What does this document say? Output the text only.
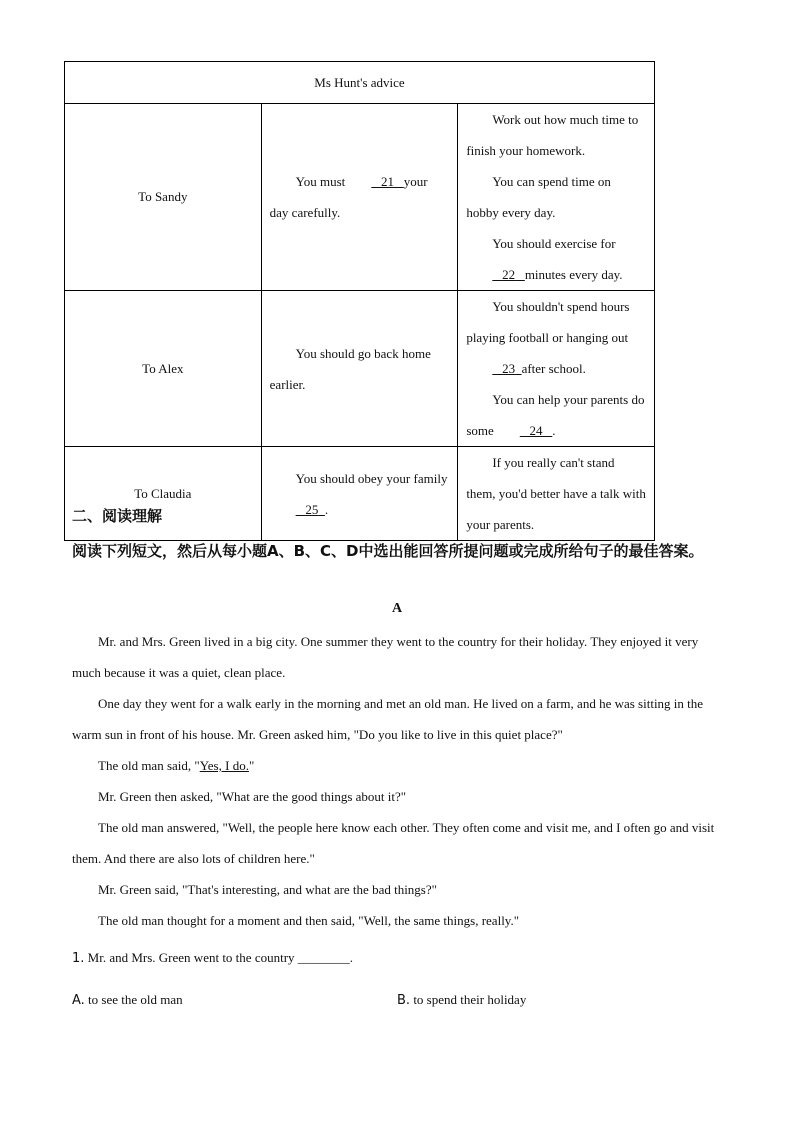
Ms Hunt's advice		
To Sandy	You must 21 your day carefully.	Work out how much time to finish your homework.
You can spend time on hobby every day.
You should exercise for   22 minutes every day.

To Alex	You should go back home earlier.	You shouldn't spend hours playing football or hanging out   23 after school.
You can help your parents do some 24 .

To Claudia	You should obey your family   25 .	If you really can't stand them, you'd better have a talk with your parents.
二、阅读理解
阅读下列短文，然后从每小题A、B、C、D中选出能回答所提问题或完成所给句子的最佳答案。
A
Mr. and Mrs. Green lived in a big city. One summer they went to the country for their holiday. They enjoyed it very much because it was a quiet, clean place.
One day they went for a walk early in the morning and met an old man. He lived on a farm, and he was sitting in the warm sun in front of his house. Mr. Green asked him, "Do you like to live in this quiet place?"
The old man said, "Yes, I do."
Mr. Green then asked, "What are the good things about it?"
The old man answered, "Well, the people here know each other. They often come and visit me, and I often go and visit them. And there are also lots of children here."
Mr. Green said, "That's interesting, and what are the bad things?"
The old man thought for a moment and then said, "Well, the same things, really."
1. Mr. and Mrs. Green went to the country ________.
A. to see the old man	B. to spend their holiday
